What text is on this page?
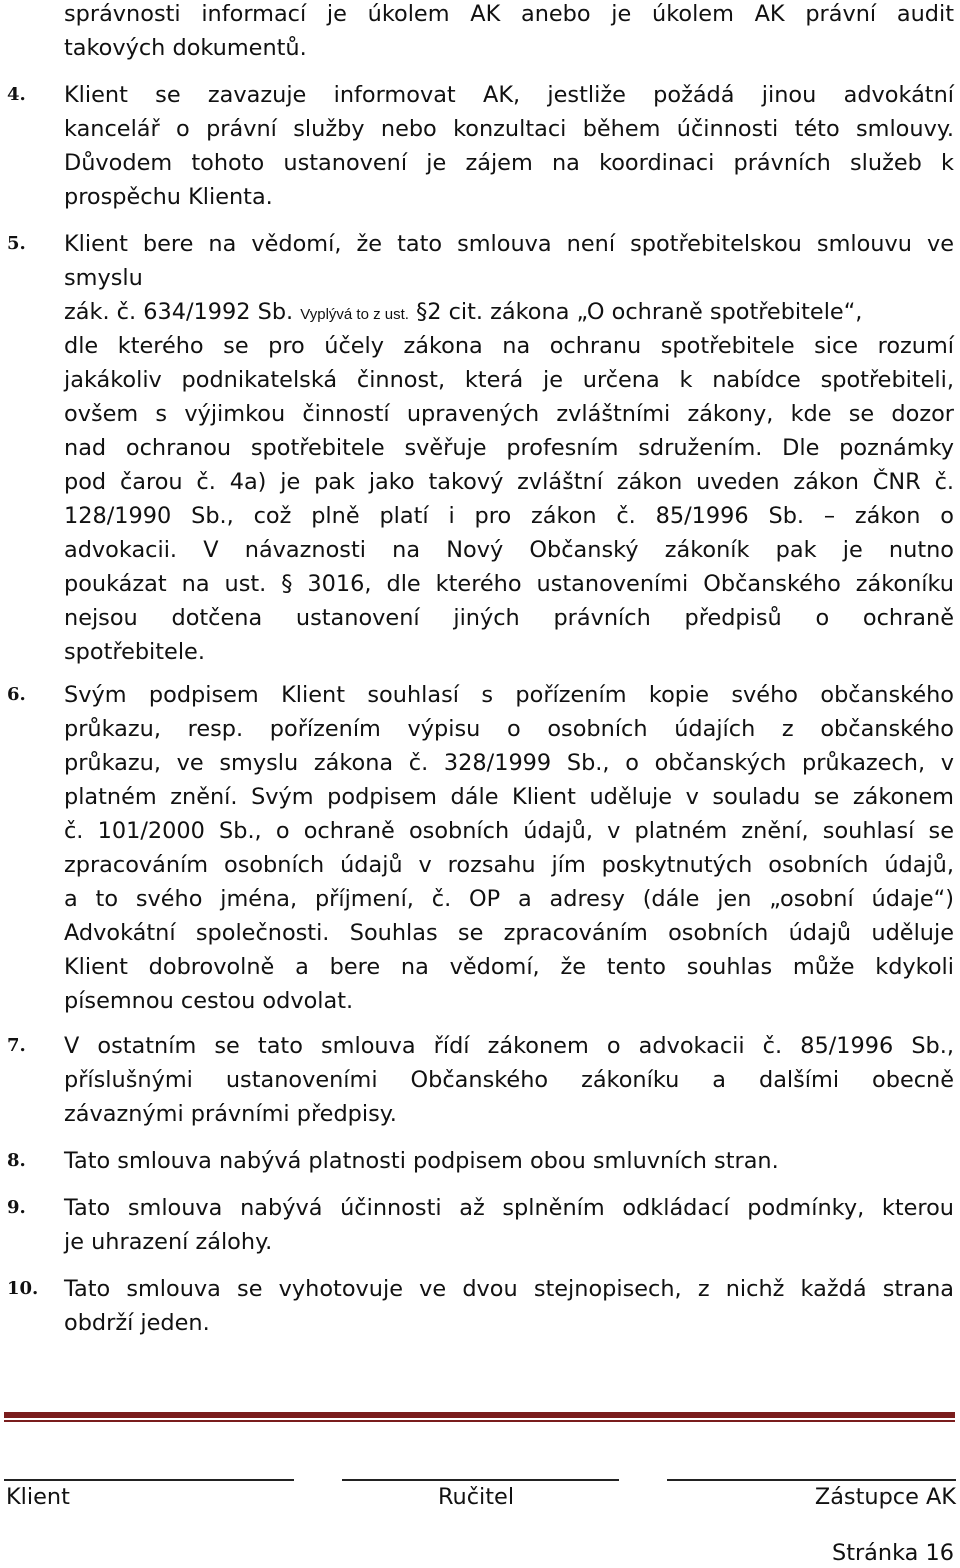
správnosti informací je úkolem AK anebo je úkolem AK právní audit
takových dokumentů.
4. Klient se zavazuje informovat AK, jestliže požádá jinou advokátní
kancelář o právní služby nebo konzultaci během účinnosti této smlouvy.
Důvodem tohoto ustanovení je zájem na koordinaci právních služeb k
prospěchu Klienta.
5. Klient bere na vědomí, že tato smlouva není spotřebitelskou smlouvu ve
smyslu
zák. č. 634/1992 Sb. Vyplývá to z ust. §2 cit. zákona „O ochraně spotřebitele“,
dle kterého se pro účely zákona na ochranu spotřebitele sice rozumí
jakákoliv podnikatelská činnost, která je určena k nabídce spotřebiteli,
ovšem s výjimkou činností upravených zvláštními zákony, kde se dozor
nad ochranou spotřebitele svěřuje profesním sdružením. Dle poznámky
pod čarou č. 4a) je pak jako takový zvláštní zákon uveden zákon ČNR č.
128/1990 Sb., což plně platí i pro zákon č. 85/1996 Sb. – zákon o
advokacii. V návaznosti na Nový Občanský zákoník pak je nutno
poukázat na ust. § 3016, dle kterého ustanoveními Občanského zákoníku
nejsou dotčena ustanovení jiných právních předpisů o ochraně
spotřebitele.
6. Svým podpisem Klient souhlasí s pořízením kopie svého občanského
průkazu, resp. pořízením výpisu o osobních údajích z občanského
průkazu, ve smyslu zákona č. 328/1999 Sb., o občanských průkazech, v
platném znění. Svým podpisem dále Klient uděluje v souladu se zákonem
č. 101/2000 Sb., o ochraně osobních údajů, v platném znění, souhlasí se
zpracováním osobních údajů v rozsahu jím poskytnutých osobních údajů,
a to svého jména, příjmení, č. OP a adresy (dále jen „osobní údaje“)
Advokátní společnosti. Souhlas se zpracováním osobních údajů uděluje
Klient dobrovolně a bere na vědomí, že tento souhlas může kdykoli
písemnou cestou odvolat.
7. V ostatním se tato smlouva řídí zákonem o advokacii č. 85/1996 Sb.,
příslušnými ustanoveními Občanského zákoníku a dalšími obecně
závaznými právními předpisy.
8. Tato smlouva nabývá platnosti podpisem obou smluvních stran.
9. Tato smlouva nabývá účinnosti až splněním odkládací podmínky, kterou
je uhrazení zálohy.
10. Tato smlouva se vyhotovuje ve dvou stejnopisech, z nichž každá strana
obdrží jeden.
Klient	Ručitel	Zástupce AK
Stránka 16
